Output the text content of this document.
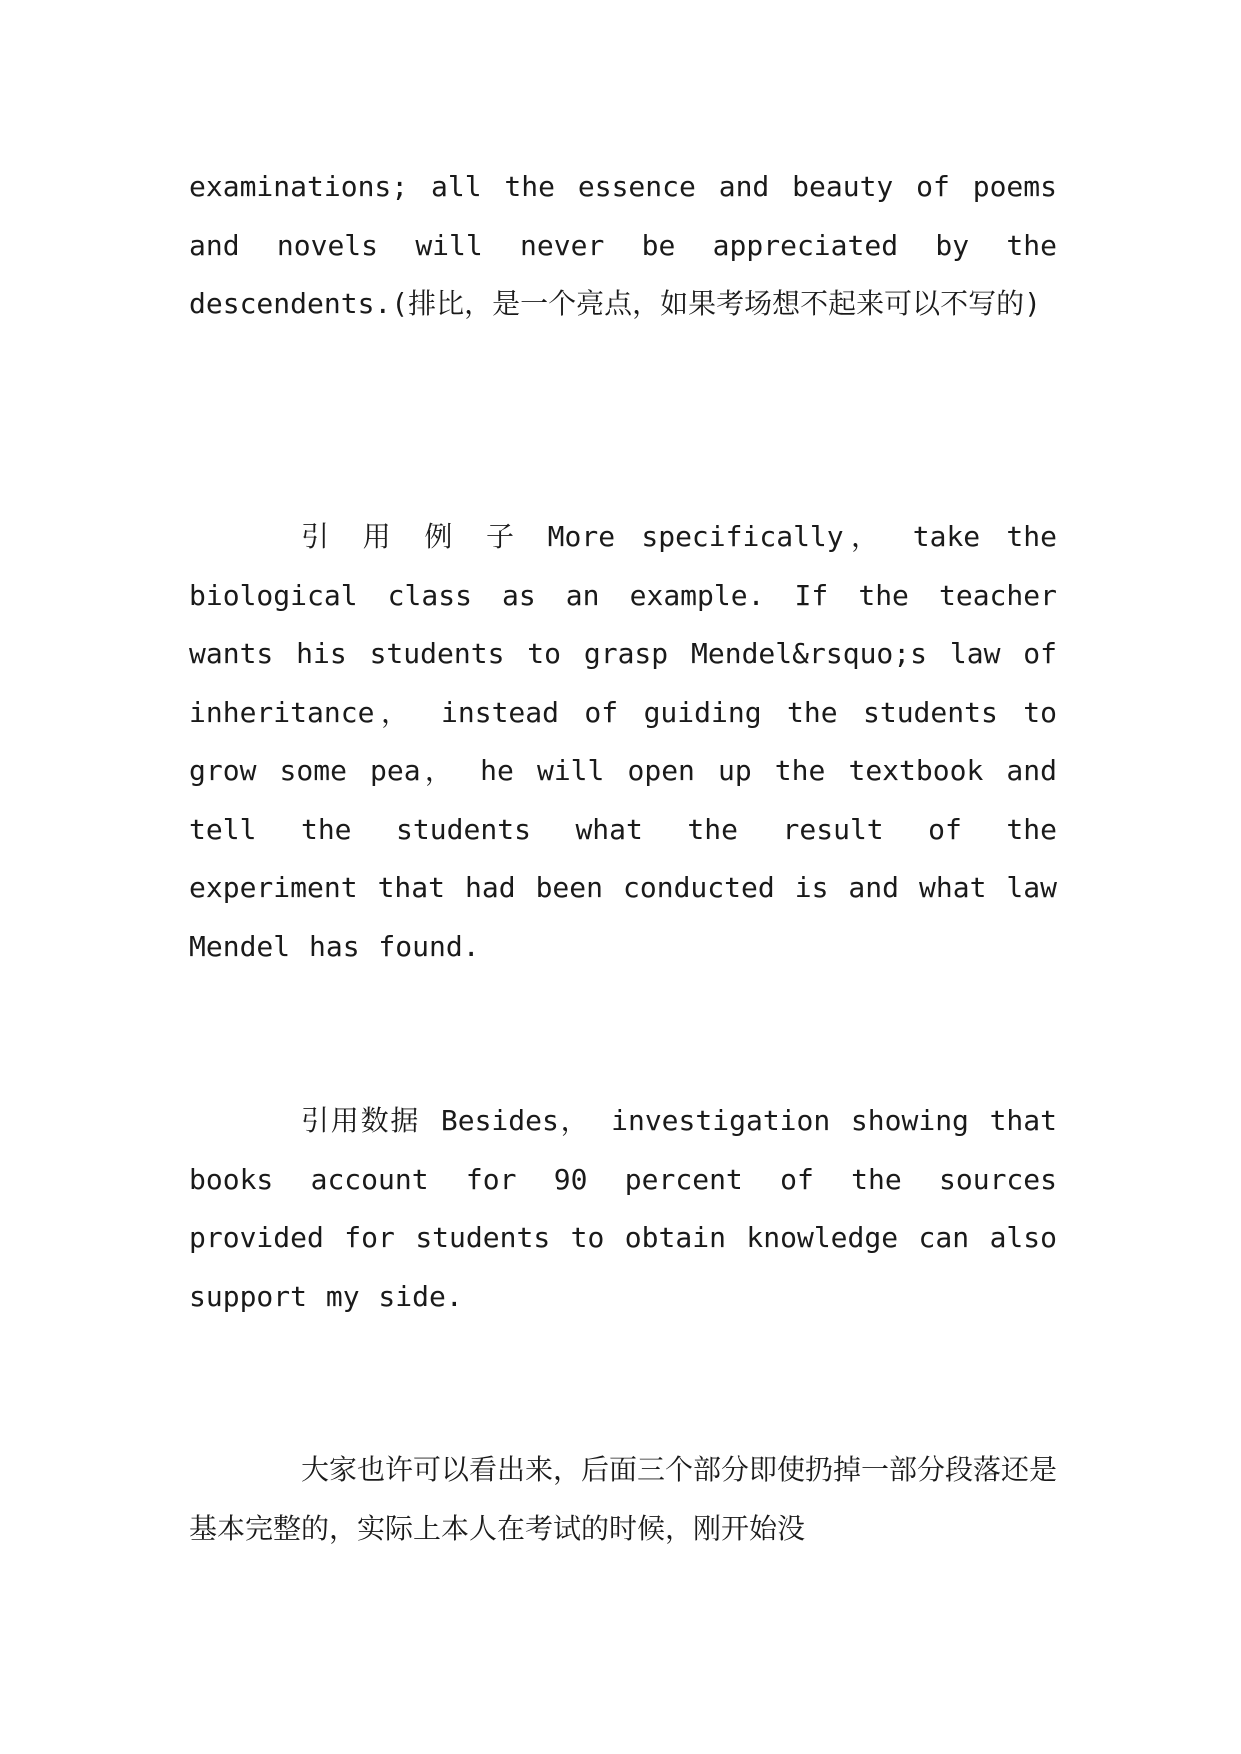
examinations; all the essence and beauty of poems and novels will never be appreciated by the descendents.(排比，是一个亮点，如果考场想不起来可以不写的)

引 用 例 子 More specifically， take the biological class as an example. If the teacher wants his students to grasp Mendel&rsquo;s law of inheritance， instead of guiding the students to grow some pea， he will open up the textbook and tell the students what the result of the experiment that had been conducted is and what law Mendel has found.

引用数据 Besides， investigation showing that books account for 90 percent of the sources provided for students to obtain knowledge can also support my side.

大家也许可以看出来，后面三个部分即使扔掉一部分段落还是基本完整的，实际上本人在考试的时候，刚开始没
